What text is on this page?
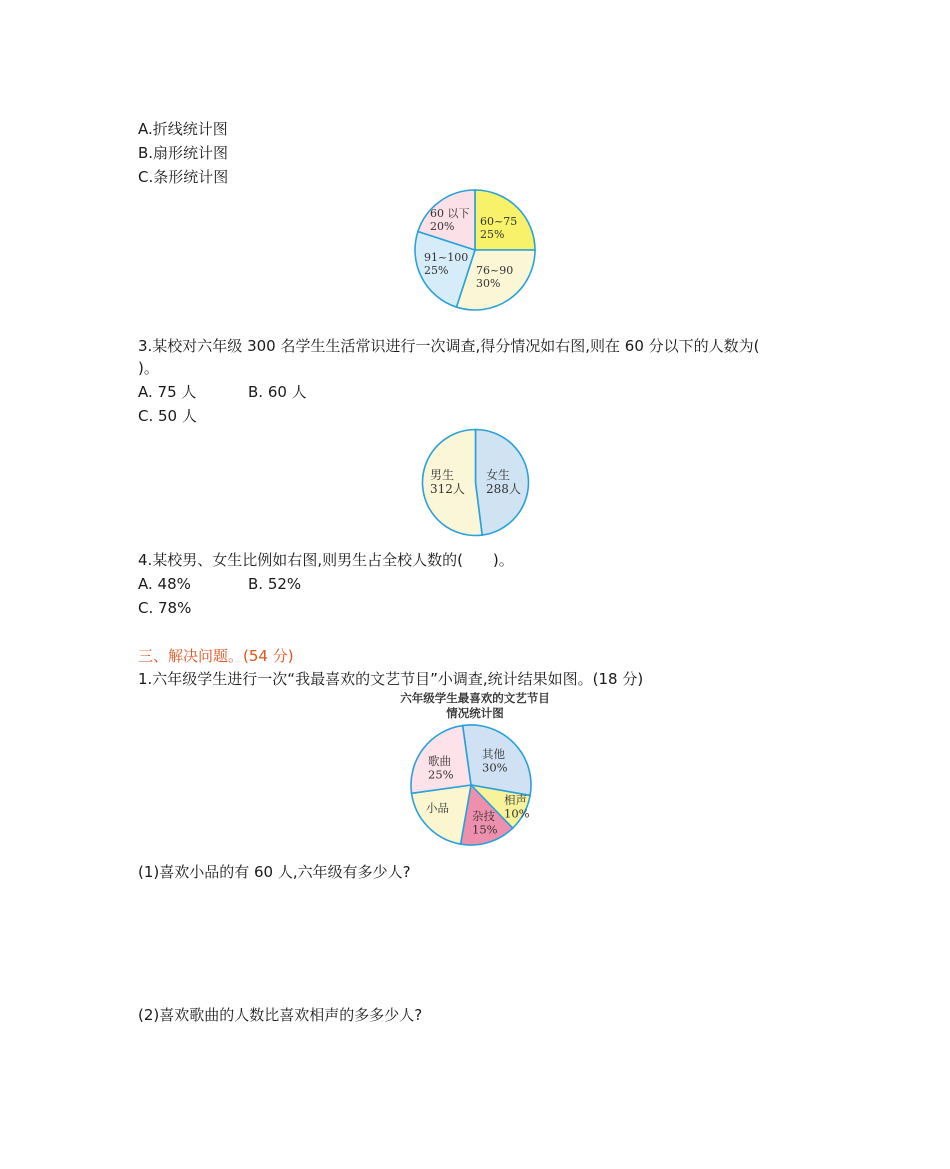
A.折线统计图
B.扇形统计图
C.条形统计图
60~75
25%
76~90
30%
91~100
25%
60 以下
20%
3.某校对六年级 300 名学生生活常识进行一次调查,得分情况如右图,则在 60 分以下的人数为(
)。
A. 75 人	B. 60 人
C. 50 人
女生
288人
男生
312人
4.某校男、女生比例如右图,则男生占全校人数的(　　)。
A. 48%	B. 52%
C. 78%
三、解决问题。(54 分)
1.六年级学生进行一次“我最喜欢的文艺节目”小调查,统计结果如图。(18 分)
六年级学生最喜欢的文艺节目
情况统计图
其他
30%
相声
10%
杂技
15%
小品
歌曲
25%
(1)喜欢小品的有 60 人,六年级有多少人?
(2)喜欢歌曲的人数比喜欢相声的多多少人?
